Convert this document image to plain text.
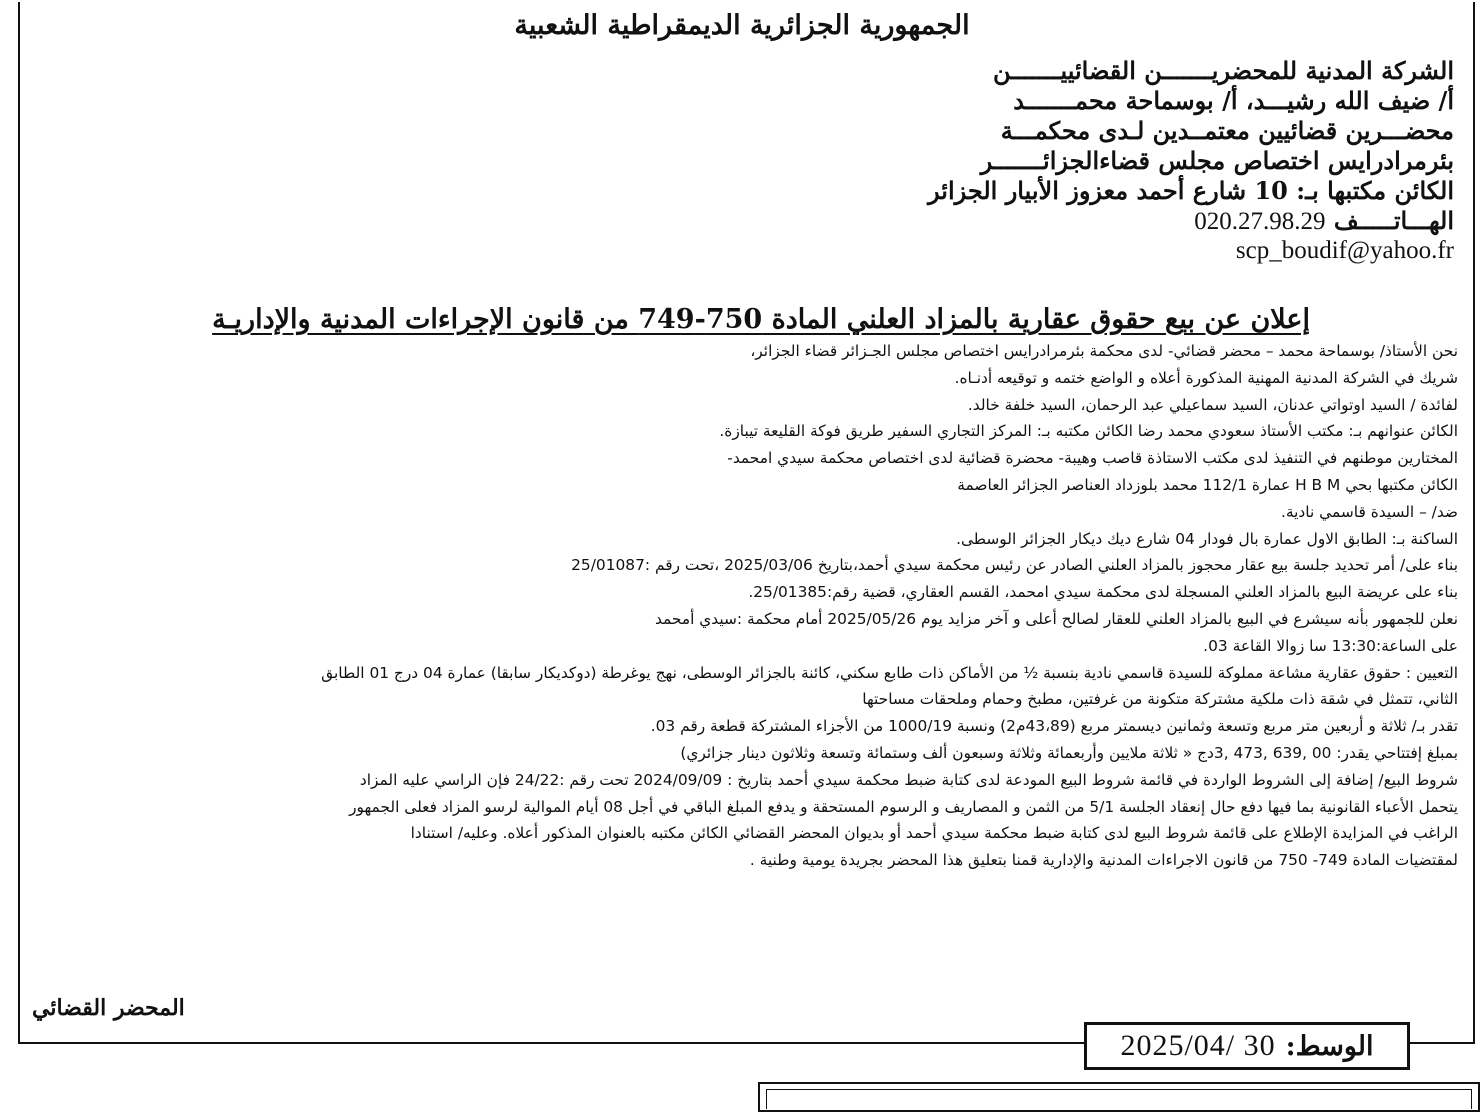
الجمهورية الجزائرية الديمقراطية الشعبية
الشركة المدنية للمحضريـــــــن القضائييـــــــن
أ/ ضيف الله رشيـــد، أ/ بوسماحة محمـــــــد
محضـــرين قضائيين معتمــدين لـدى محكمـــة
بئرمرادرايس اختصاص مجلس قضاءالجزائـــــــر
الكائن مكتبها بـ: 10 شارع أحمد معزوز الأبيار الجزائر
الهـــاتـــــف 020.27.98.29
scp_boudif@yahoo.fr
إعلان عن بيع حقوق عقارية بالمزاد العلني المادة 750-749 من قانون الإجراءات المدنية والإداريـة
نحن الأستاذ/ بوسماحة محمد – محضر قضائي- لدى محكمة بئرمرادرايس اختصاص مجلس الجـزائر قضاء الجزائر،
شريك في الشركة المدنية المهنية المذكورة أعلاه و الواضع ختمه و توقيعه أدنـاه.
لفائدة / السيد اوتواتي عدنان، السيد سماعيلي عبد الرحمان، السيد خلفة خالد.
الكائن عنوانهم بـ: مكتب الأستاذ سعودي محمد رضا الكائن مكتبه بـ: المركز التجاري السفير طريق فوكة القليعة تيبازة.
المختارين موطنهم في التنفيذ لدى مكتب الاستاذة قاصب وهيبة- محضرة قضائية لدى اختصاص محكمة سيدي امحمد-
الكائن مكتبها بحي H B M عمارة 112/1 محمد بلوزداد العناصر الجزائر العاصمة
ضد/ – السيدة قاسمي نادية.
الساكنة بـ: الطابق الاول عمارة بال فودار 04 شارع ديك ديكار الجزائر الوسطى.
بناء على/ أمر تحديد جلسة بيع عقار محجوز بالمزاد العلني الصادر عن رئيس محكمة سيدي أحمد،بتاريخ 2025/03/06 ،تحت رقم :25/01087
بناء على عريضة البيع بالمزاد العلني المسجلة لدى محكمة سيدي امحمد، القسم العقاري، قضية رقم:25/01385.
نعلن للجمهور بأنه سيشرع في البيع بالمزاد العلني للعقار لصالح أعلى و آخر مزايد يوم 2025/05/26 أمام محكمة :سيدي أمحمد
على الساعة:13:30 سا زوالا القاعة 03.
التعيين : حقوق عقارية مشاعة مملوكة للسيدة قاسمي نادية بنسبة ½ من الأماكن ذات طابع سكني، كائنة بالجزائر الوسطى، نهج يوغرطة (دوكديكار سابقا) عمارة 04 درج 01 الطابق
الثاني، تتمثل في شقة ذات ملكية مشتركة متكونة من غرفتين، مطبخ وحمام وملحقات مساحتها
تقدر بـ/ ثلاثة و أربعين متر مربع وتسعة وثمانين ديسمتر مربع (43،89م2) ونسبة 1000/19 من الأجزاء المشتركة قطعة رقم 03.
بمبلغ إفتتاحي يقدر: 00 ,639 ,473 ,3دج « ثلاثة ملايين وأربعمائة وثلاثة وسبعون ألف وستمائة وتسعة وثلاثون دينار جزائري)
شروط البيع/ إضافة إلى الشروط الواردة في قائمة شروط البيع المودعة لدى كتابة ضبط محكمة سيدي أحمد بتاريخ : 2024/09/09 تحت رقم :24/22 فإن الراسي عليه المزاد
يتحمل الأعباء القانونية بما فيها دفع حال إنعقاد الجلسة 5/1 من الثمن و المصاريف و الرسوم المستحقة و يدفع المبلغ الباقي في أجل 08 أيام الموالية لرسو المزاد فعلى الجمهور
الراغب في المزايدة الإطلاع على قائمة شروط البيع لدى كتابة ضبط محكمة سيدي أحمد أو بديوان المحضر القضائي الكائن مكتبه بالعنوان المذكور أعلاه. وعليه/ استنادا
لمقتضيات المادة 749- 750 من قانون الاجراءات المدنية والإدارية قمنا بتعليق هذا المحضر بجريدة يومية وطنية .
المحضر القضائي
الوسط:
2025/04/ 30
